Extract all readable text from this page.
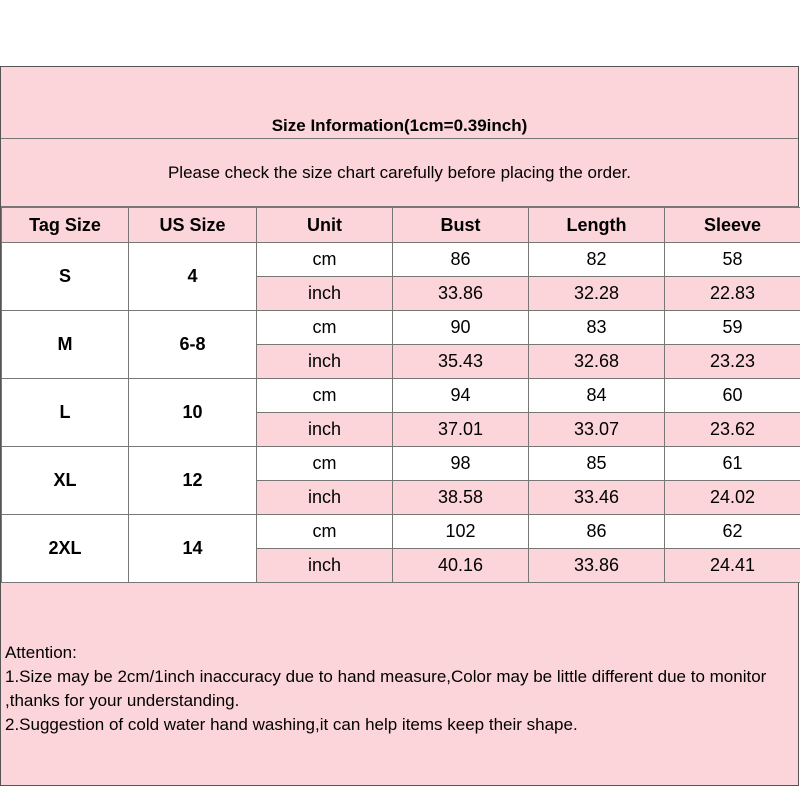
Size Information(1cm=0.39inch)
Please check the size chart carefully before placing the order.
Tag Size	US Size	Unit	Bust	Length	Sleeve
S	4	cm	86	82	58
		inch	33.86	32.28	22.83
M	6-8	cm	90	83	59
		inch	35.43	32.68	23.23
L	10	cm	94	84	60
		inch	37.01	33.07	23.62
XL	12	cm	98	85	61
		inch	38.58	33.46	24.02
2XL	14	cm	102	86	62
		inch	40.16	33.86	24.41

Attention:

1.Size may be 2cm/1inch inaccuracy due to hand measure,Color may be little different due to monitor ,thanks for your understanding.

2.Suggestion of cold water hand washing,it can help items keep their shape.
